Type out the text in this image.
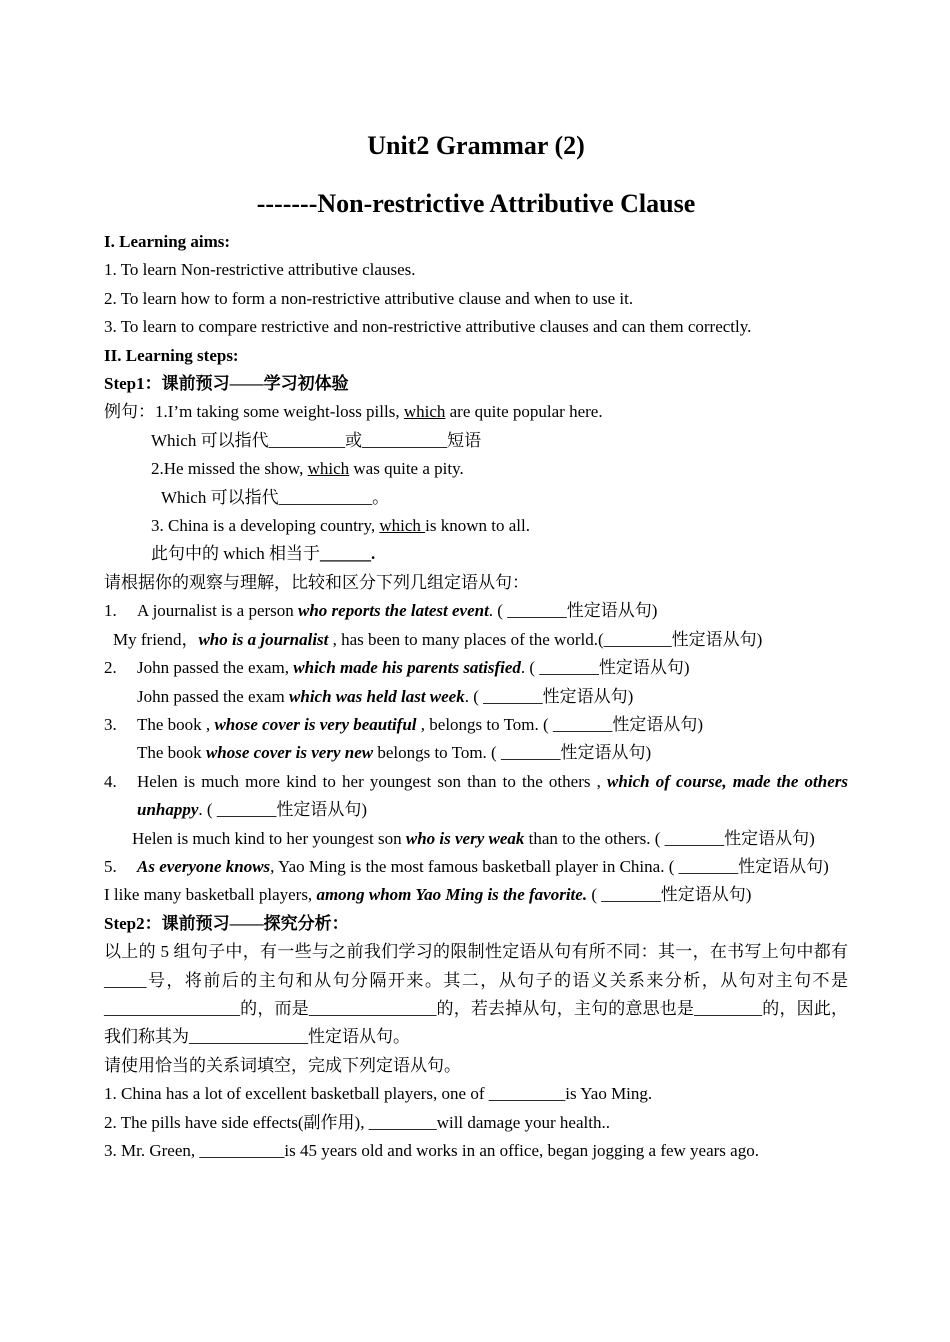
Unit2 Grammar (2)
-------Non-restrictive Attributive Clause
I. Learning aims:
1. To learn Non-restrictive attributive clauses.
2. To learn how to form a non-restrictive attributive clause and when to use it.
3. To learn to compare restrictive and non-restrictive attributive clauses and can them correctly.
II. Learning steps:
Step1：课前预习——学习初体验
例句：1.I’m taking some weight-loss pills, which are quite popular here.
Which 可以指代_________或__________短语
2.He missed the show, which was quite a pity.
Which 可以指代___________。
3. China is a developing country, which is known to all.
此句中的 which 相当于______.
请根据你的观察与理解，比较和区分下列几组定语从句：
1. A journalist is a person who reports the latest event. ( _______性定语从句)
My friend，who is a journalist , has been to many places of the world.(________性定语从句)
2. John passed the exam, which made his parents satisfied. ( _______性定语从句)
John passed the exam which was held last week. ( _______性定语从句)
3. The book , whose cover is very beautiful , belongs to Tom. ( _______性定语从句)
The book whose cover is very new belongs to Tom. ( _______性定语从句)
4. Helen is much more kind to her youngest son than to the others , which of course, made the others unhappy. ( _______性定语从句)
Helen is much kind to her youngest son who is very weak than to the others. ( _______性定语从句)
5. As everyone knows, Yao Ming is the most famous basketball player in China. ( _______性定语从句)
I like many basketball players, among whom Yao Ming is the favorite. ( _______性定语从句)
Step2：课前预习——探究分析：
以上的 5 组句子中，有一些与之前我们学习的限制性定语从句有所不同：其一，在书写上句中都有_____号，将前后的主句和从句分隔开来。其二，从句子的语义关系来分析，从句对主句不是________________的，而是_______________的，若去掉从句，主句的意思也是________的，因此，我们称其为______________性定语从句。
请使用恰当的关系词填空，完成下列定语从句。
1. China has a lot of excellent basketball players, one of _________is Yao Ming.
2. The pills have side effects(副作用), ________will damage your health..
3. Mr. Green, __________is 45 years old and works in an office, began jogging a few years ago.
